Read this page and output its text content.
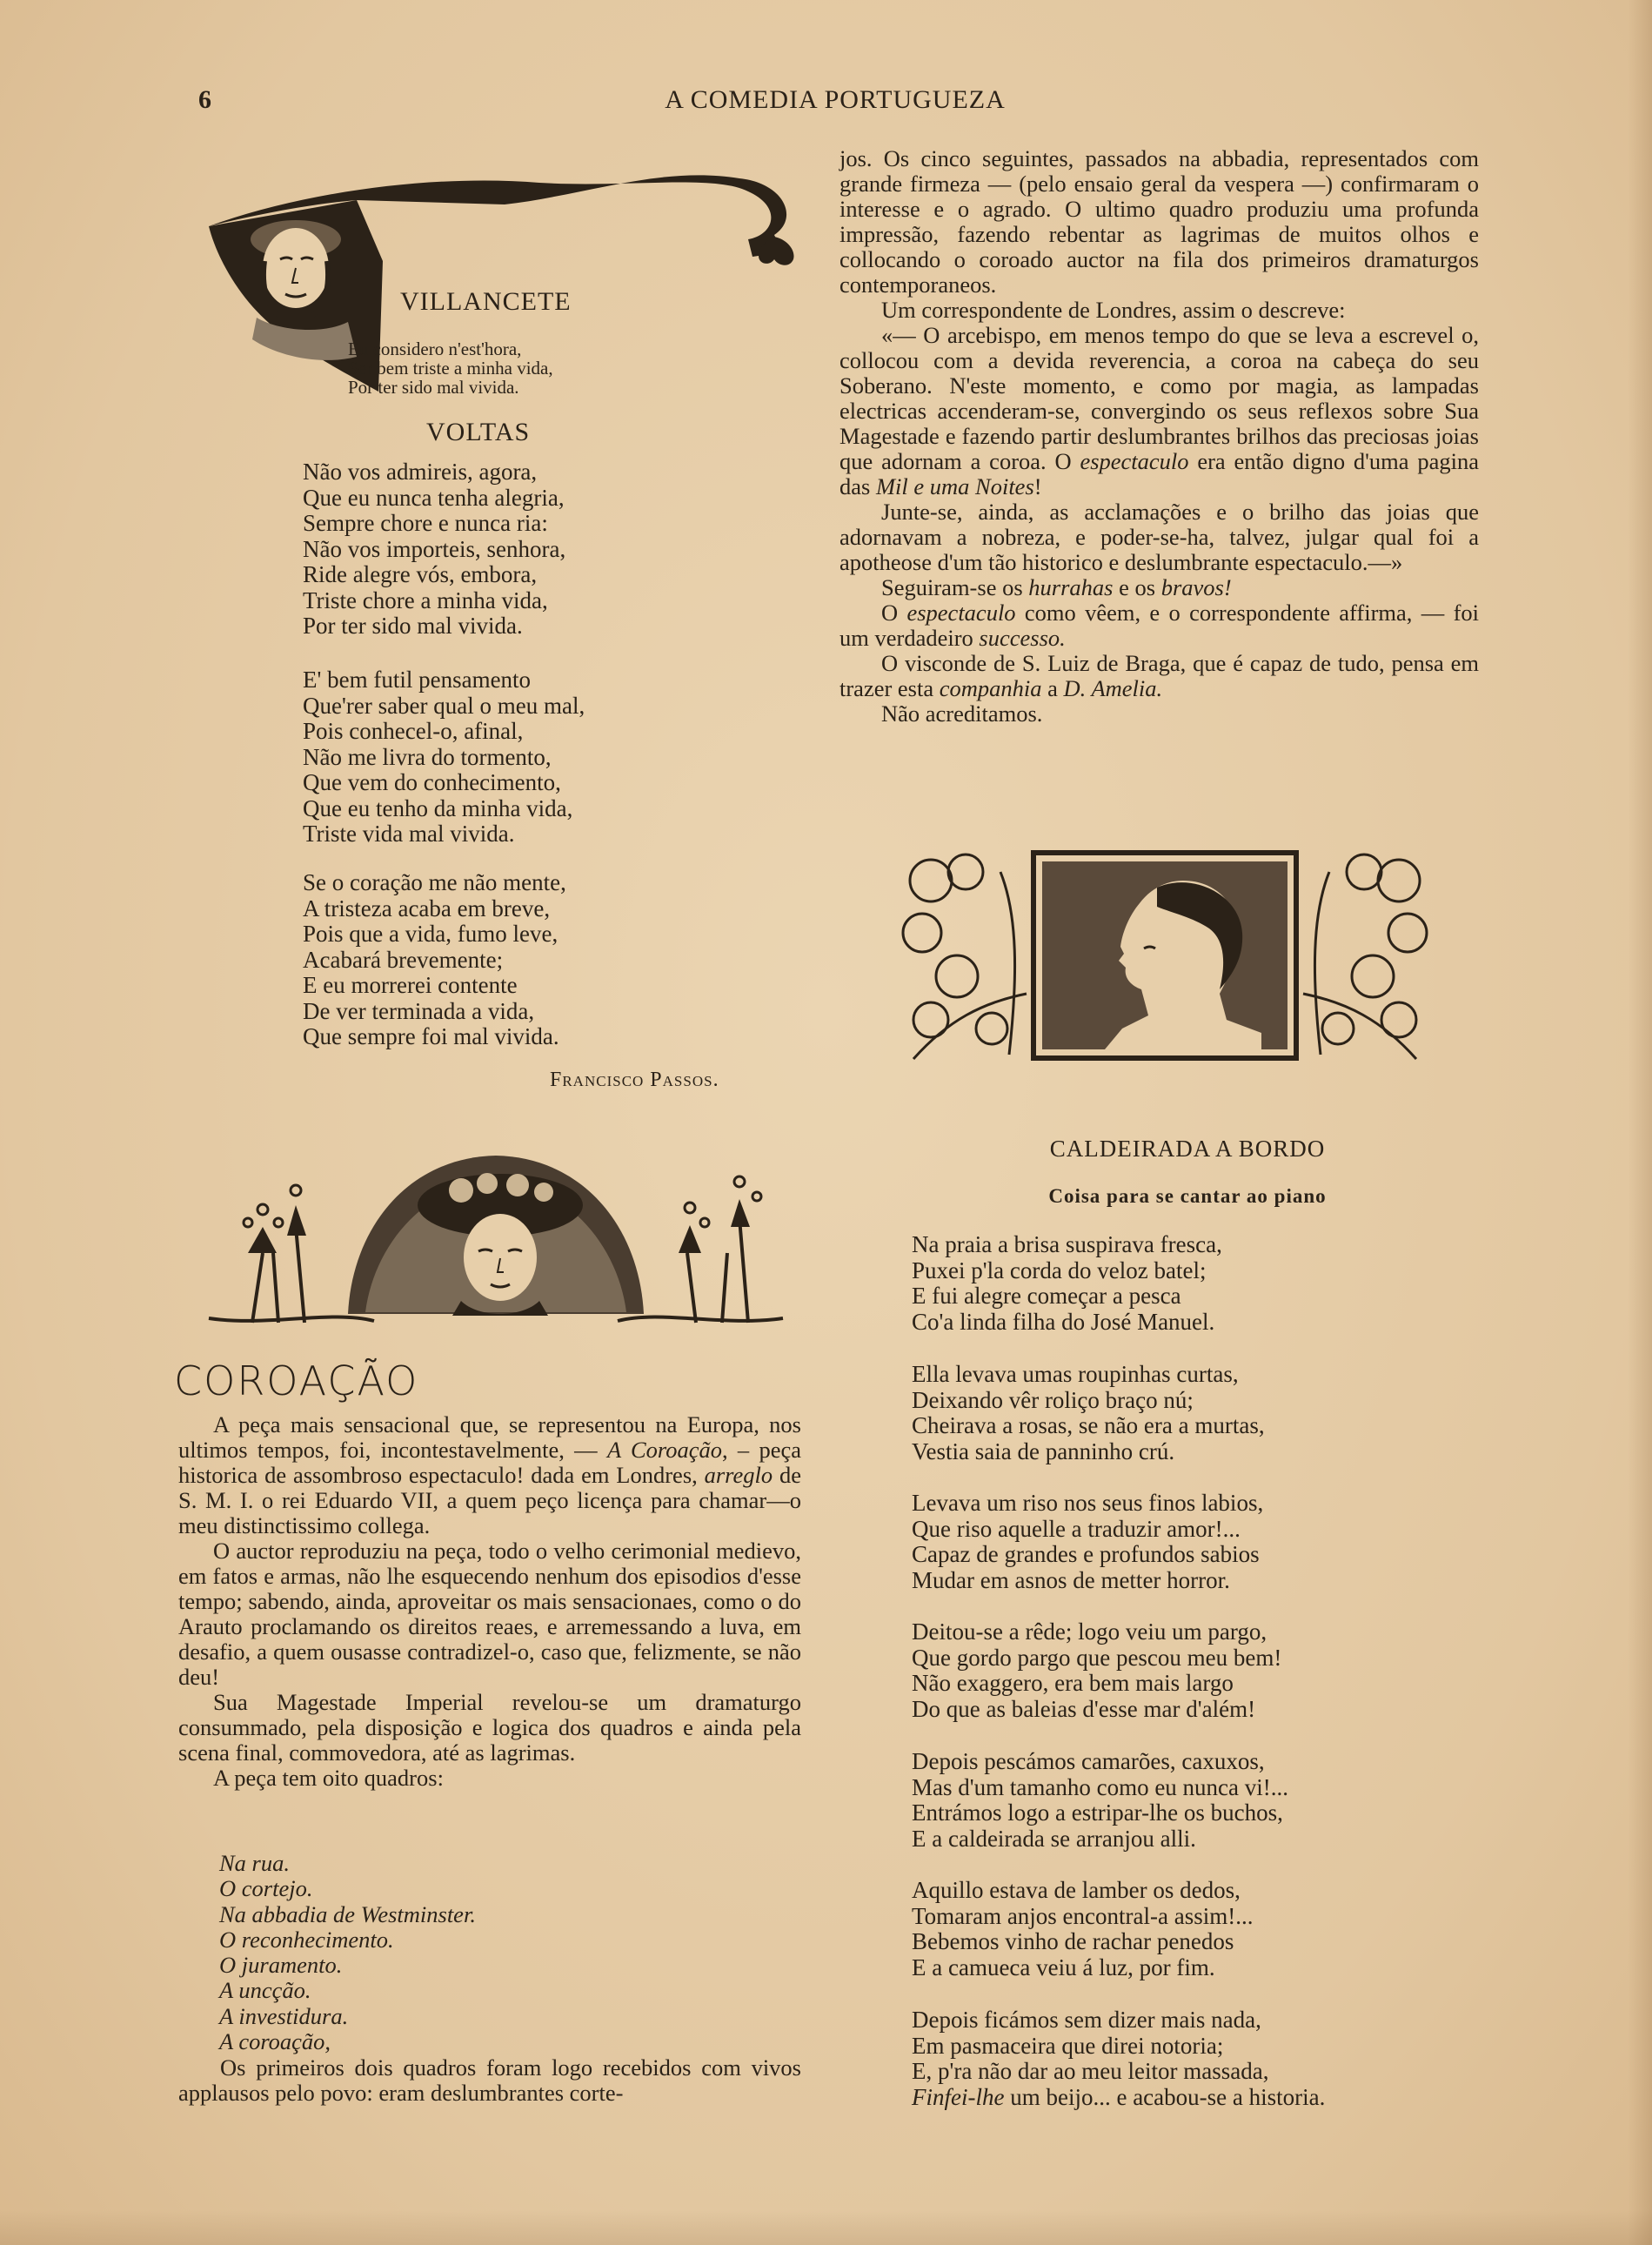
6	A COMEDIA PORTUGUEZA
VILLANCETE
Eu considero n'est'hora,
Ser bem triste a minha vida,
Por ter sido mal vivida.
VOLTAS
Não vos admireis, agora,
Que eu nunca tenha alegria,
Sempre chore e nunca ria:
Não vos importeis, senhora,
Ride alegre vós, embora,
Triste chore a minha vida,
Por ter sido mal vivida.
E' bem futil pensamento
Que'rer saber qual o meu mal,
Pois conhecel-o, afinal,
Não me livra do tormento,
Que vem do conhecimento,
Que eu tenho da minha vida,
Triste vida mal vivida.
Se o coração me não mente,
A tristeza acaba em breve,
Pois que a vida, fumo leve,
Acabará brevemente;
E eu morrerei contente
De ver terminada a vida,
Que sempre foi mal vivida.
Francisco Passos.
COROAÇÃO

A peça mais sensacional que, se representou na Europa, nos ultimos tempos, foi, incontestavelmente, — A Coroação, – peça historica de assombroso espectaculo! dada em Londres, arreglo de S. M. I. o rei Eduardo VII, a quem peço licença para chamar—o meu distinctissimo collega.

O auctor reproduziu na peça, todo o velho cerimonial medievo, em fatos e armas, não lhe esquecendo nenhum dos episodios d'esse tempo; sabendo, ainda, aproveitar os mais sensacionaes, como o do Arauto proclamando os direitos reaes, e arremessando a luva, em desafio, a quem ousasse contradizel-o, caso que, felizmente, se não deu!

Sua Magestade Imperial revelou-se um dramaturgo consummado, pela disposição e logica dos quadros e ainda pela scena final, commovedora, até as lagrimas.

A peça tem oito quadros:

Na rua.
O cortejo.
Na abbadia de Westminster.
O reconhecimento.
O juramento.
A uncção.
A investidura.
A coroação,

Os primeiros dois quadros foram logo recebidos com vivos applausos pelo povo: eram deslumbrantes corte-

jos. Os cinco seguintes, passados na abbadia, representados com grande firmeza — (pelo ensaio geral da vespera —) confirmaram o interesse e o agrado. O ultimo quadro produziu uma profunda impressão, fazendo rebentar as lagrimas de muitos olhos e collocando o coroado auctor na fila dos primeiros dramaturgos contemporaneos.

Um correspondente de Londres, assim o descreve:

«— O arcebispo, em menos tempo do que se leva a escrevel o, collocou com a devida reverencia, a coroa na cabeça do seu Soberano. N'este momento, e como por magia, as lampadas electricas accenderam-se, convergindo os seus reflexos sobre Sua Magestade e fazendo partir deslumbrantes brilhos das preciosas joias que adornam a coroa. O espectaculo era então digno d'uma pagina das Mil e uma Noites!

Junte-se, ainda, as acclamações e o brilho das joias que adornavam a nobreza, e poder-se-ha, talvez, julgar qual foi a apotheose d'um tão historico e deslumbrante espectaculo.—»

Seguiram-se os hurrahas e os bravos!

O espectaculo como vêem, e o correspondente affirma, — foi um verdadeiro successo.

O visconde de S. Luiz de Braga, que é capaz de tudo, pensa em trazer esta companhia a D. Amelia.

Não acreditamos.

CALDEIRADA A BORDO
Coisa para se cantar ao piano
Na praia a brisa suspirava fresca,
Puxei p'la corda do veloz batel;
E fui alegre começar a pesca
Co'a linda filha do José Manuel.
Ella levava umas roupinhas curtas,
Deixando vêr roliço braço nú;
Cheirava a rosas, se não era a murtas,
Vestia saia de panninho crú.
Levava um riso nos seus finos labios,
Que riso aquelle a traduzir amor!...
Capaz de grandes e profundos sabios
Mudar em asnos de metter horror.
Deitou-se a rêde; logo veiu um pargo,
Que gordo pargo que pescou meu bem!
Não exaggero, era bem mais largo
Do que as baleias d'esse mar d'além!
Depois pescámos camarões, caxuxos,
Mas d'um tamanho como eu nunca vi!...
Entrámos logo a estripar-lhe os buchos,
E a caldeirada se arranjou alli.
Aquillo estava de lamber os dedos,
Tomaram anjos encontral-a assim!...
Bebemos vinho de rachar penedos
E a camueca veiu á luz, por fim.
Depois ficámos sem dizer mais nada,
Em pasmaceira que direi notoria;
E, p'ra não dar ao meu leitor massada,
Finfei-lhe um beijo... e acabou-se a historia.
